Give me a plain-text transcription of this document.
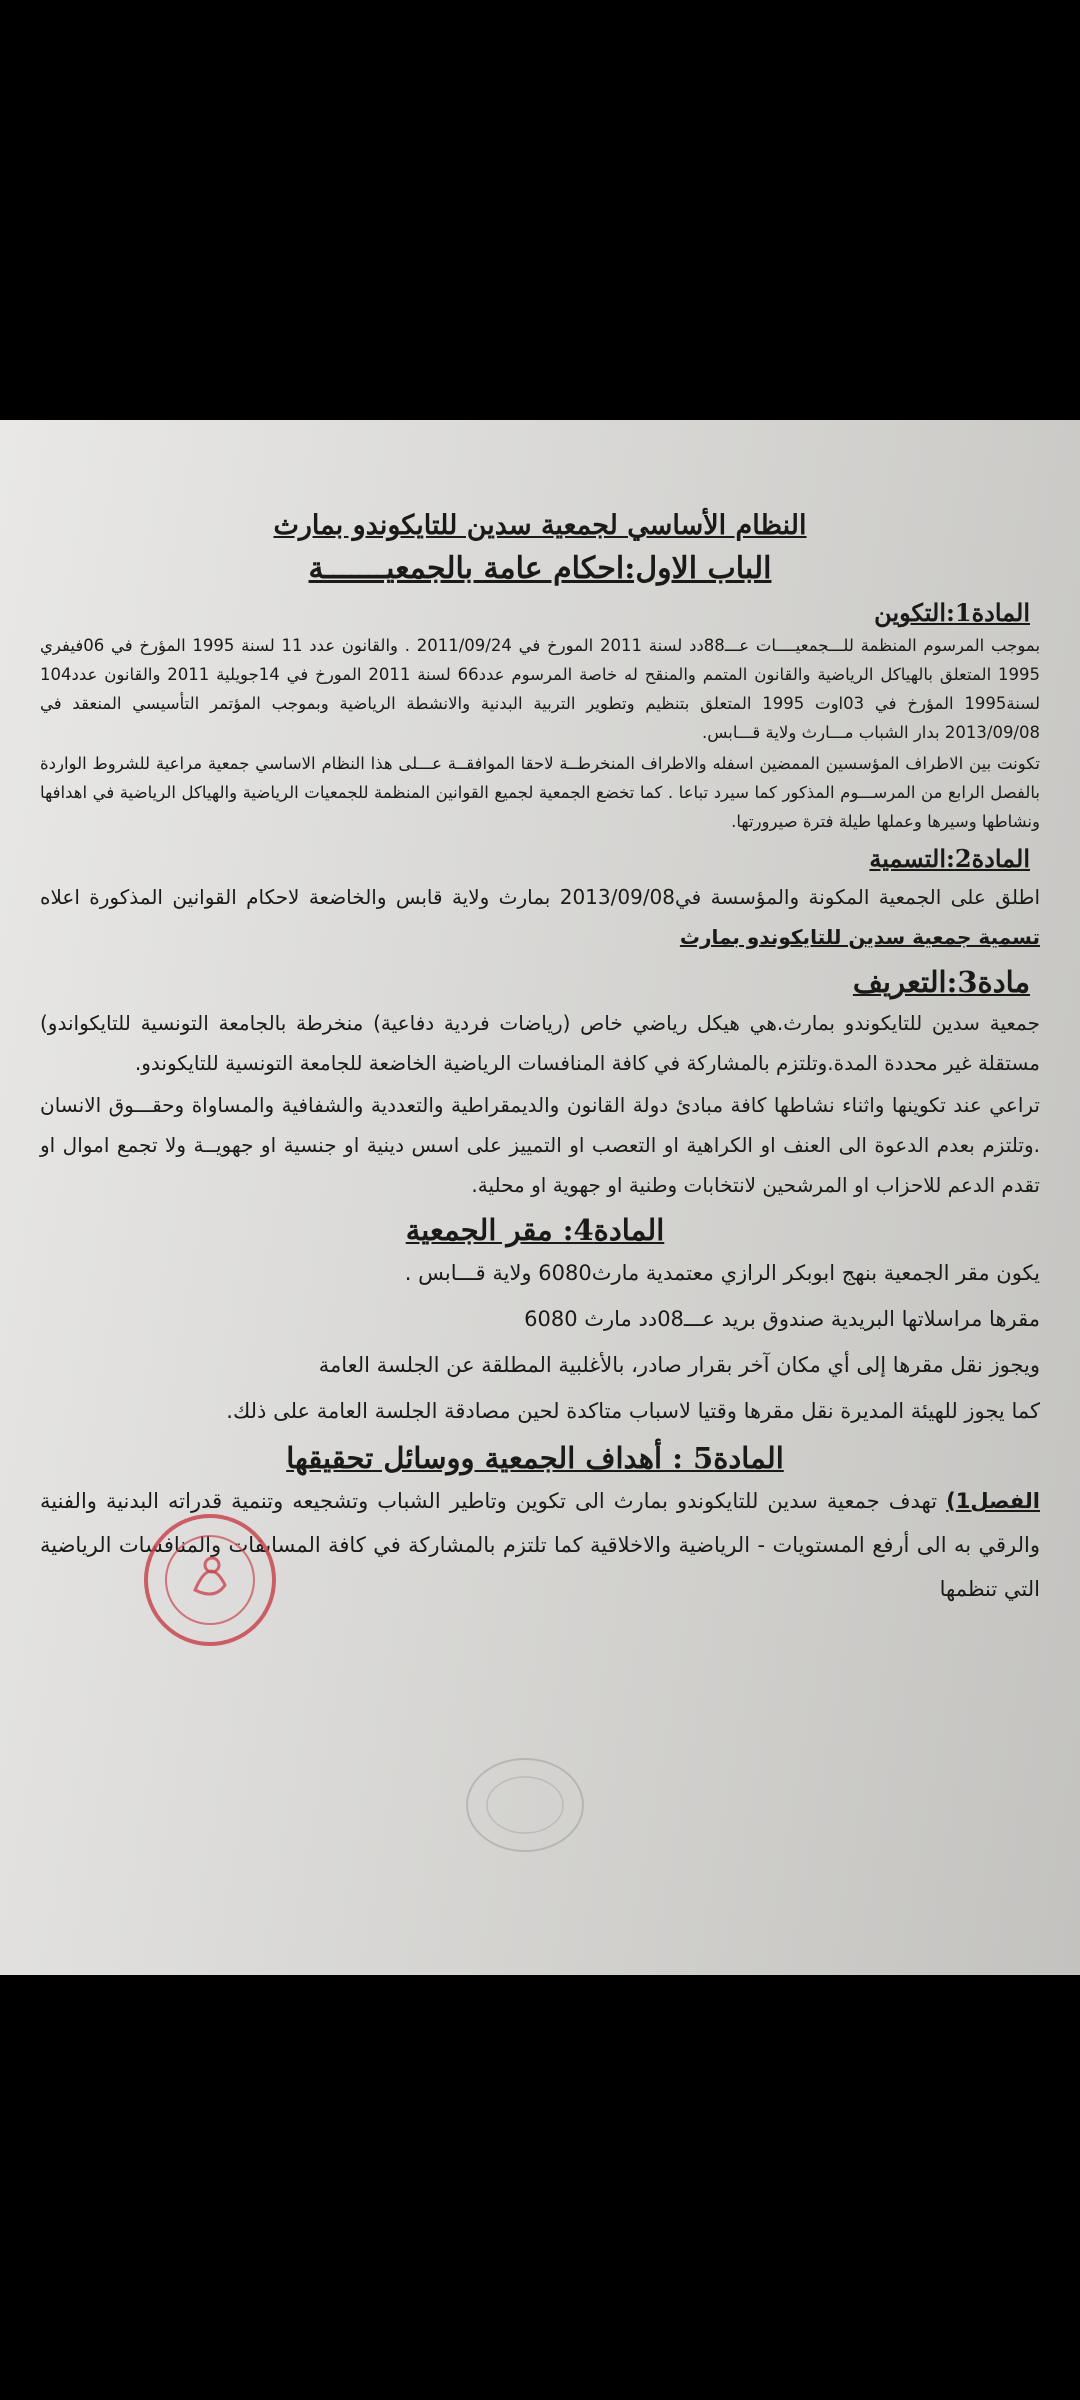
النظام الأساسي لجمعية سدين للتايكوندو بمارث
الباب الاول:احكام عامة بالجمعيـــــــة
المادة1:التكوين
بموجب المرسوم المنظمة للـــجمعيــــات عـــ88دد لسنة 2011 المورخ في 2011/09/24 . والقانون عدد 11 لسنة 1995 المؤرخ في 06فيفري 1995 المتعلق بالهياكل الرياضية والقانون المتمم والمنقح له خاصة المرسوم عدد66 لسنة 2011 المورخ في 14جويلية 2011 والقانون عدد104 لسنة1995 المؤرخ في 03اوت 1995 المتعلق بتنظيم وتطوير التربية البدنية والانشطة الرياضية وبموجب المؤتمر التأسيسي المنعقد في 2013/09/08 بدار الشباب مـــارث ولاية قـــابس.
تكونت بين الاطراف المؤسسين الممضين اسفله والاطراف المنخرطــة لاحقا الموافقــة عـــلى هذا النظام الاساسي جمعية مراعية للشروط الواردة بالفصل الرابع من المرســـوم المذكور كما سيرد تباعا . كما تخضع الجمعية لجميع القوانين المنظمة للجمعيات الرياضية والهياكل الرياضية في اهدافها ونشاطها وسيرها وعملها طيلة فترة صيرورتها.
المادة2:التسمية
اطلق على الجمعية المكونة والمؤسسة في2013/09/08 بمارث ولاية قابس والخاضعة لاحكام القوانين المذكورة اعلاه تسمية جمعية سدين للتايكوندو بمارث
مادة3:التعريف
جمعية سدين للتايكوندو بمارث.هي هيكل رياضي خاص (رياضات فردية دفاعية) منخرطة بالجامعة التونسية للتايكواندو) مستقلة غير محددة المدة.وتلتزم بالمشاركة في كافة المنافسات الرياضية الخاضعة للجامعة التونسية للتايكوندو.
تراعي عند تكوينها واثناء نشاطها كافة مبادئ دولة القانون والديمقراطية والتعددية والشفافية والمساواة وحقـــوق الانسان .وتلتزم بعدم الدعوة الى العنف او الكراهية او التعصب او التمييز على اسس دينية او جنسية او جهويــة ولا تجمع اموال او تقدم الدعم للاحزاب او المرشحين لانتخابات وطنية او جهوية او محلية.
المادة4: مقر الجمعية
يكون مقر الجمعية بنهج ابوبكر الرازي معتمدية مارث6080 ولاية قـــابس .
مقرها مراسلاتها البريدية صندوق بريد عـــ08دد مارث 6080
ويجوز نقل مقرها إلى أي مكان آخر بقرار صادر، بالأغلبية المطلقة عن الجلسة العامة
كما يجوز للهيئة المديرة نقل مقرها وقتيا لاسباب متاكدة لحين مصادقة الجلسة العامة على ذلك.
المادة5 : أهداف الجمعية ووسائل تحقيقها
الفصل1) تهدف جمعية سدين للتايكوندو بمارث الى تكوين وتاطير الشباب وتشجيعه وتنمية قدراته البدنية والفنية والرقي به الى أرفع المستويات - الرياضية والاخلاقية كما تلتزم بالمشاركة في كافة المسابقات والمنافسات الرياضية التي تنظمها
